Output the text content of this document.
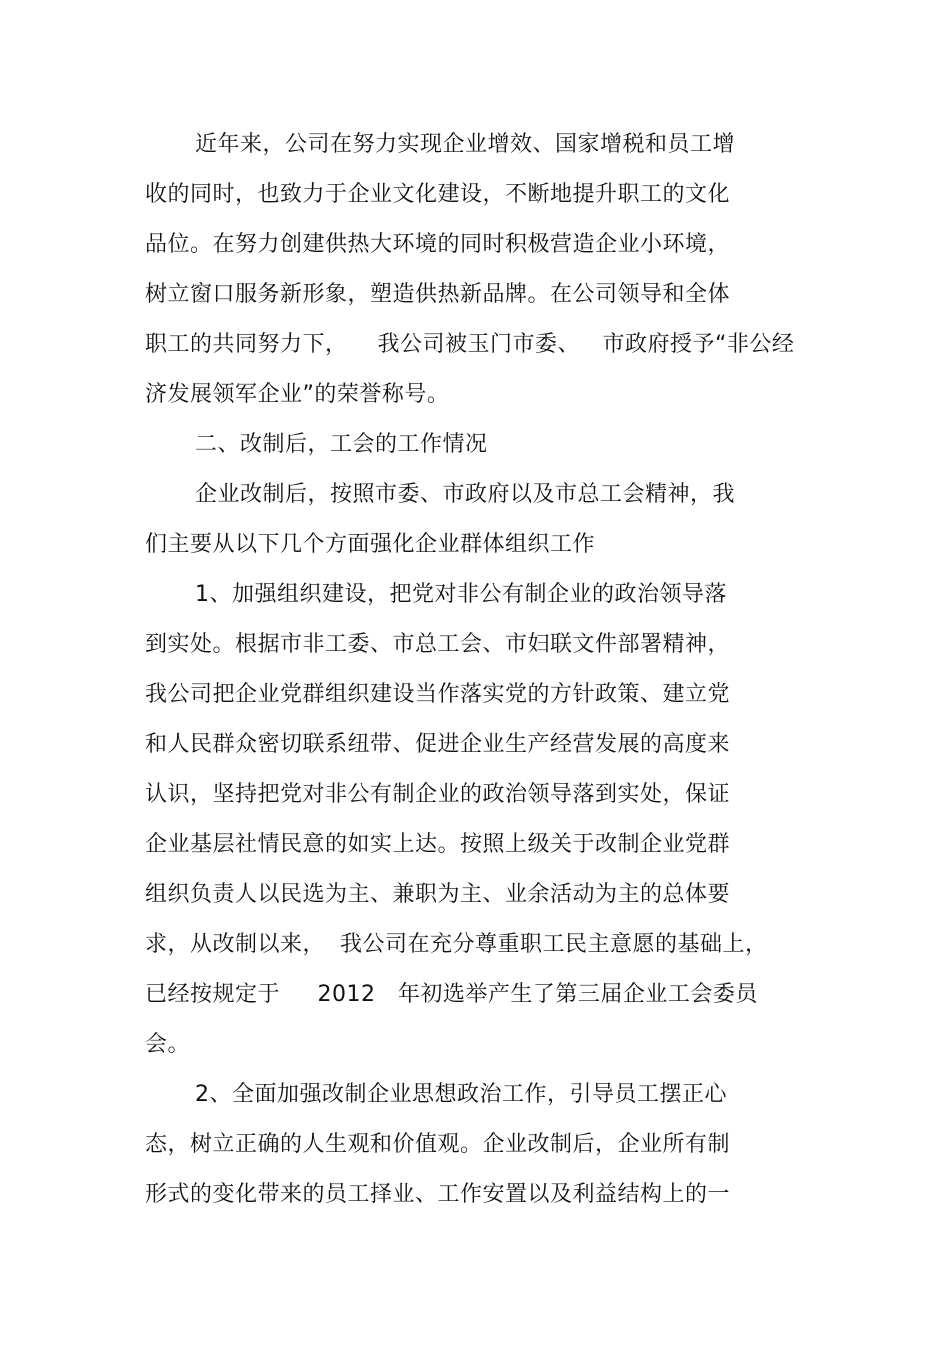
近年来，公司在努力实现企业增效、国家增税和员工增
收的同时，也致力于企业文化建设，不断地提升职工的文化
品位。在努力创建供热大环境的同时积极营造企业小环境，
树立窗口服务新形象，塑造供热新品牌。在公司领导和全体
职工的共同努力下，    我公司被玉门市委、   市政府授予“非公经
济发展领军企业”的荣誉称号。
二、改制后，工会的工作情况
企业改制后，按照市委、市政府以及市总工会精神，我
们主要从以下几个方面强化企业群体组织工作
1、加强组织建设，把党对非公有制企业的政治领导落
到实处。根据市非工委、市总工会、市妇联文件部署精神，
我公司把企业党群组织建设当作落实党的方针政策、建立党
和人民群众密切联系纽带、促进企业生产经营发展的高度来
认识，坚持把党对非公有制企业的政治领导落到实处，保证
企业基层社情民意的如实上达。按照上级关于改制企业党群
组织负责人以民选为主、兼职为主、业余活动为主的总体要
求，从改制以来，  我公司在充分尊重职工民主意愿的基础上，
已经按规定于     2012   年初选举产生了第三届企业工会委员
会。
2、全面加强改制企业思想政治工作，引导员工摆正心
态，树立正确的人生观和价值观。企业改制后，企业所有制
形式的变化带来的员工择业、工作安置以及利益结构上的一
